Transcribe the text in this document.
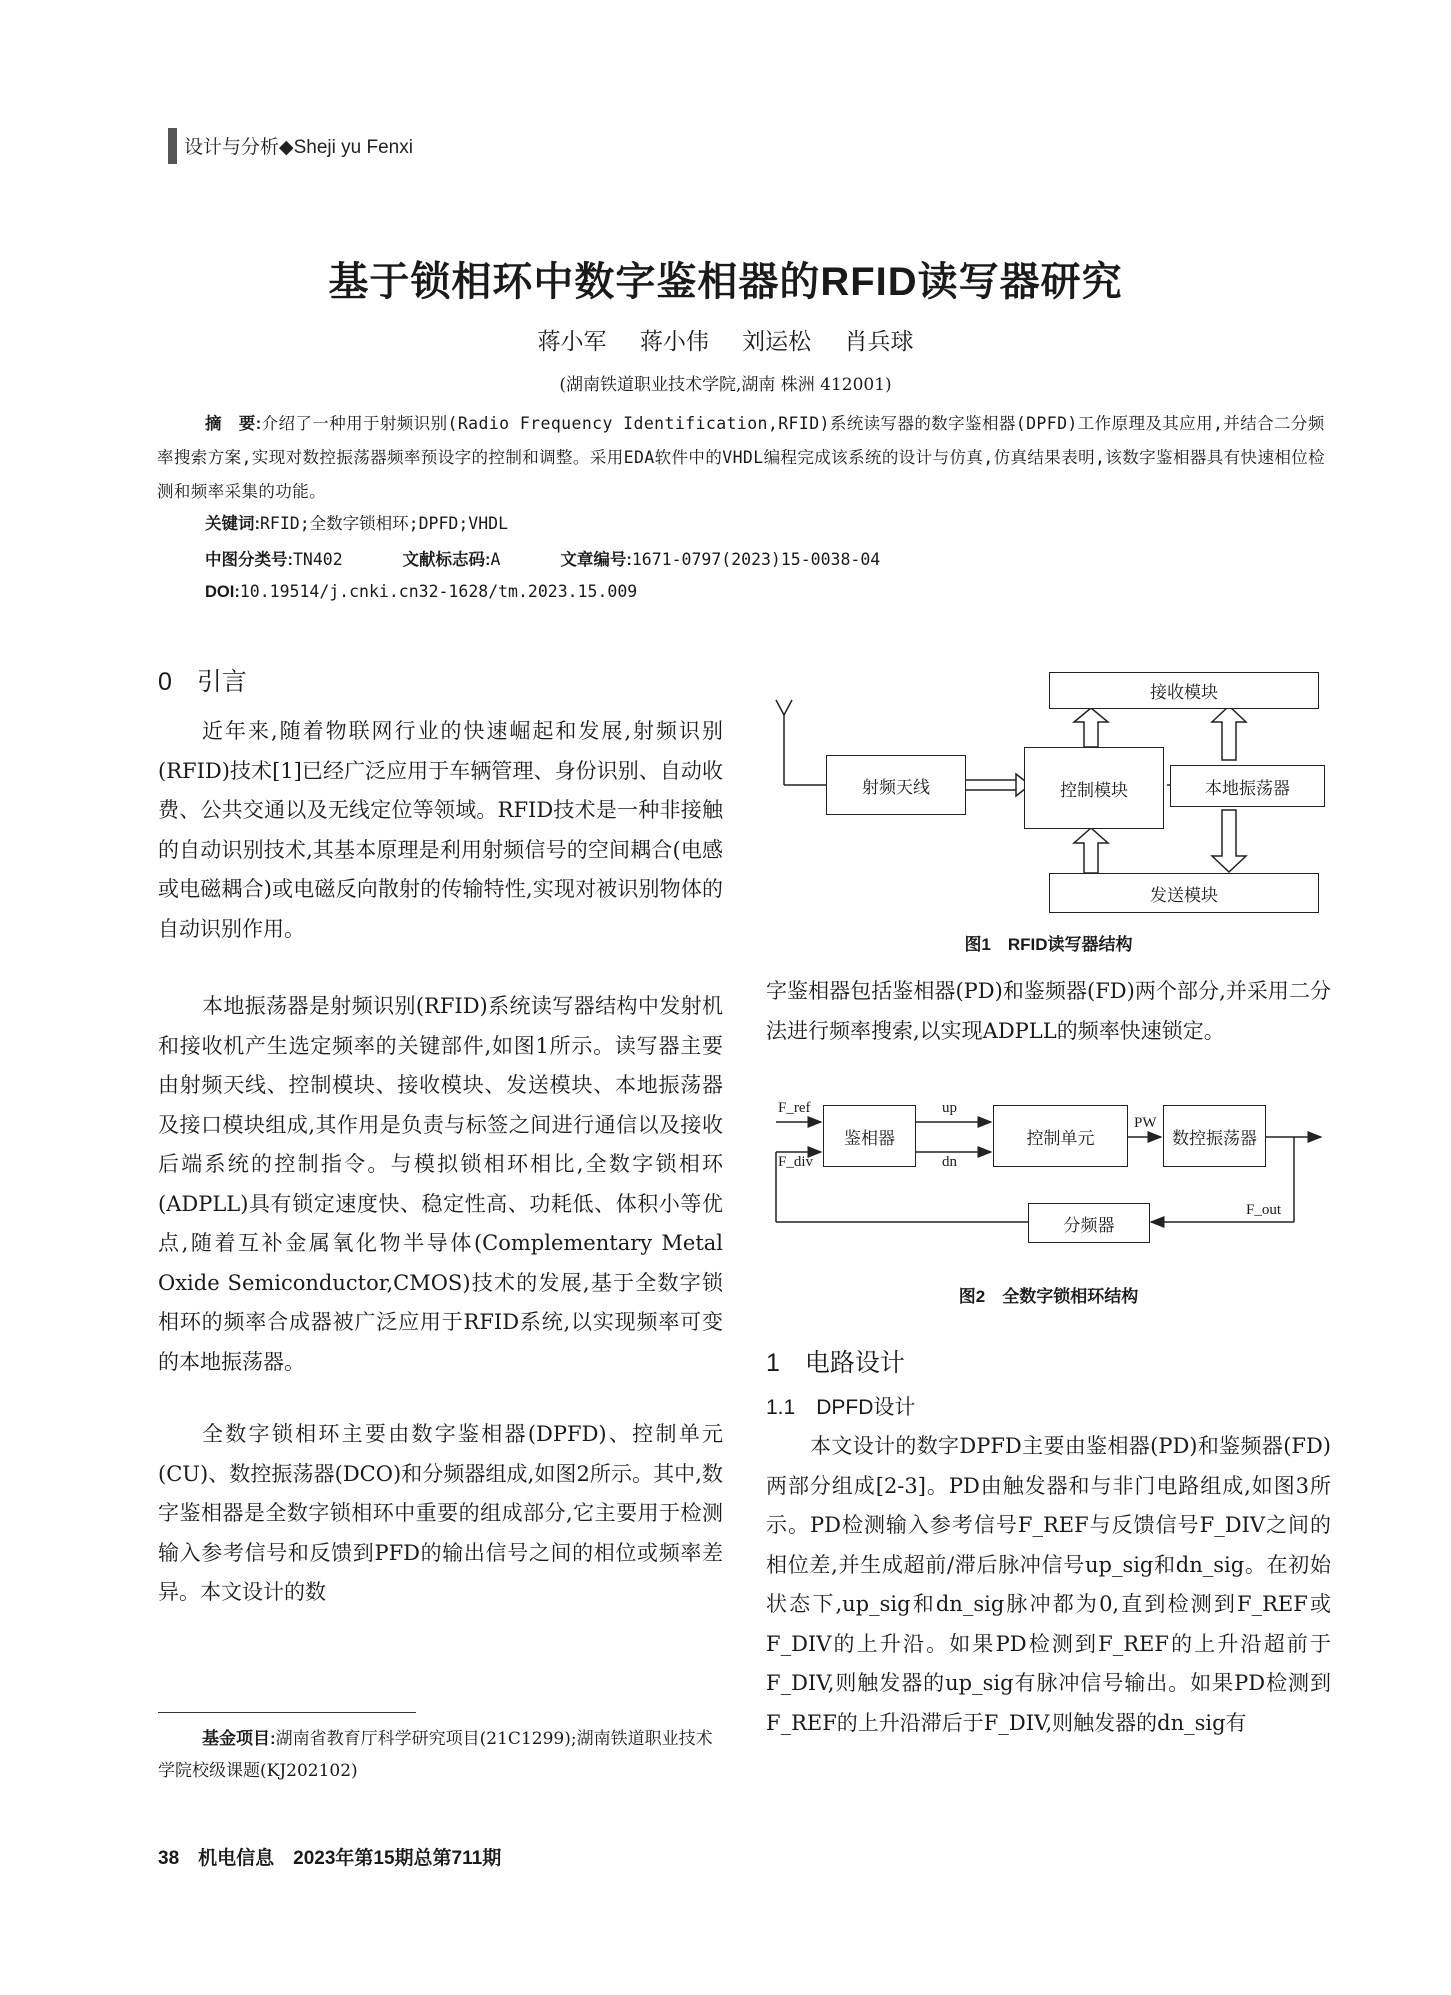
设计与分析◆Sheji yu Fenxi
基于锁相环中数字鉴相器的RFID读写器研究
蒋小军 蒋小伟 刘运松 肖兵球
(湖南铁道职业技术学院,湖南 株洲 412001)
摘　要:介绍了一种用于射频识别(Radio Frequency Identification,RFID)系统读写器的数字鉴相器(DPFD)工作原理及其应用,并结合二分频率搜索方案,实现对数控振荡器频率预设字的控制和调整。采用EDA软件中的VHDL编程完成该系统的设计与仿真,仿真结果表明,该数字鉴相器具有快速相位检测和频率采集的功能。
关键词:RFID;全数字锁相环;DPFD;VHDL
中图分类号:TN402	文献标志码:A	文章编号:1671-0797(2023)15-0038-04
DOI:10.19514/j.cnki.cn32-1628/tm.2023.15.009
0　引言

近年来,随着物联网行业的快速崛起和发展,射频识别(RFID)技术[1]已经广泛应用于车辆管理、身份识别、自动收费、公共交通以及无线定位等领域。RFID技术是一种非接触的自动识别技术,其基本原理是利用射频信号的空间耦合(电感或电磁耦合)或电磁反向散射的传输特性,实现对被识别物体的自动识别作用。

本地振荡器是射频识别(RFID)系统读写器结构中发射机和接收机产生选定频率的关键部件,如图1所示。读写器主要由射频天线、控制模块、接收模块、发送模块、本地振荡器及接口模块组成,其作用是负责与标签之间进行通信以及接收后端系统的控制指令。与模拟锁相环相比,全数字锁相环(ADPLL)具有锁定速度快、稳定性高、功耗低、体积小等优点,随着互补金属氧化物半导体(Complementary Metal Oxide Semiconductor,CMOS)技术的发展,基于全数字锁相环的频率合成器被广泛应用于RFID系统,以实现频率可变的本地振荡器。

全数字锁相环主要由数字鉴相器(DPFD)、控制单元(CU)、数控振荡器(DCO)和分频器组成,如图2所示。其中,数字鉴相器是全数字锁相环中重要的组成部分,它主要用于检测输入参考信号和反馈到PFD的输出信号之间的相位或频率差异。本文设计的数

接收模块
射频天线	控制模块	本地振荡器
发送模块
图1　RFID读写器结构

字鉴相器包括鉴相器(PD)和鉴频器(FD)两个部分,并采用二分法进行频率搜索,以实现ADPLL的频率快速锁定。

鉴相器	控制单元	数控振荡器
分频器
F_ref
F_div
up
dn
PW
F_out
图2　全数字锁相环结构
1　电路设计
1.1　DPFD设计

本文设计的数字DPFD主要由鉴相器(PD)和鉴频器(FD)两部分组成[2-3]。PD由触发器和与非门电路组成,如图3所示。PD检测输入参考信号F_REF与反馈信号F_DIV之间的相位差,并生成超前/滞后脉冲信号up_sig和dn_sig。在初始状态下,up_sig和dn_sig脉冲都为0,直到检测到F_REF或F_DIV的上升沿。如果PD检测到F_REF的上升沿超前于F_DIV,则触发器的up_sig有脉冲信号输出。如果PD检测到F_REF的上升沿滞后于F_DIV,则触发器的dn_sig有

基金项目:湖南省教育厅科学研究项目(21C1299);湖南铁道职业技术学院校级课题(KJ202102)
38　机电信息　2023年第15期总第711期
